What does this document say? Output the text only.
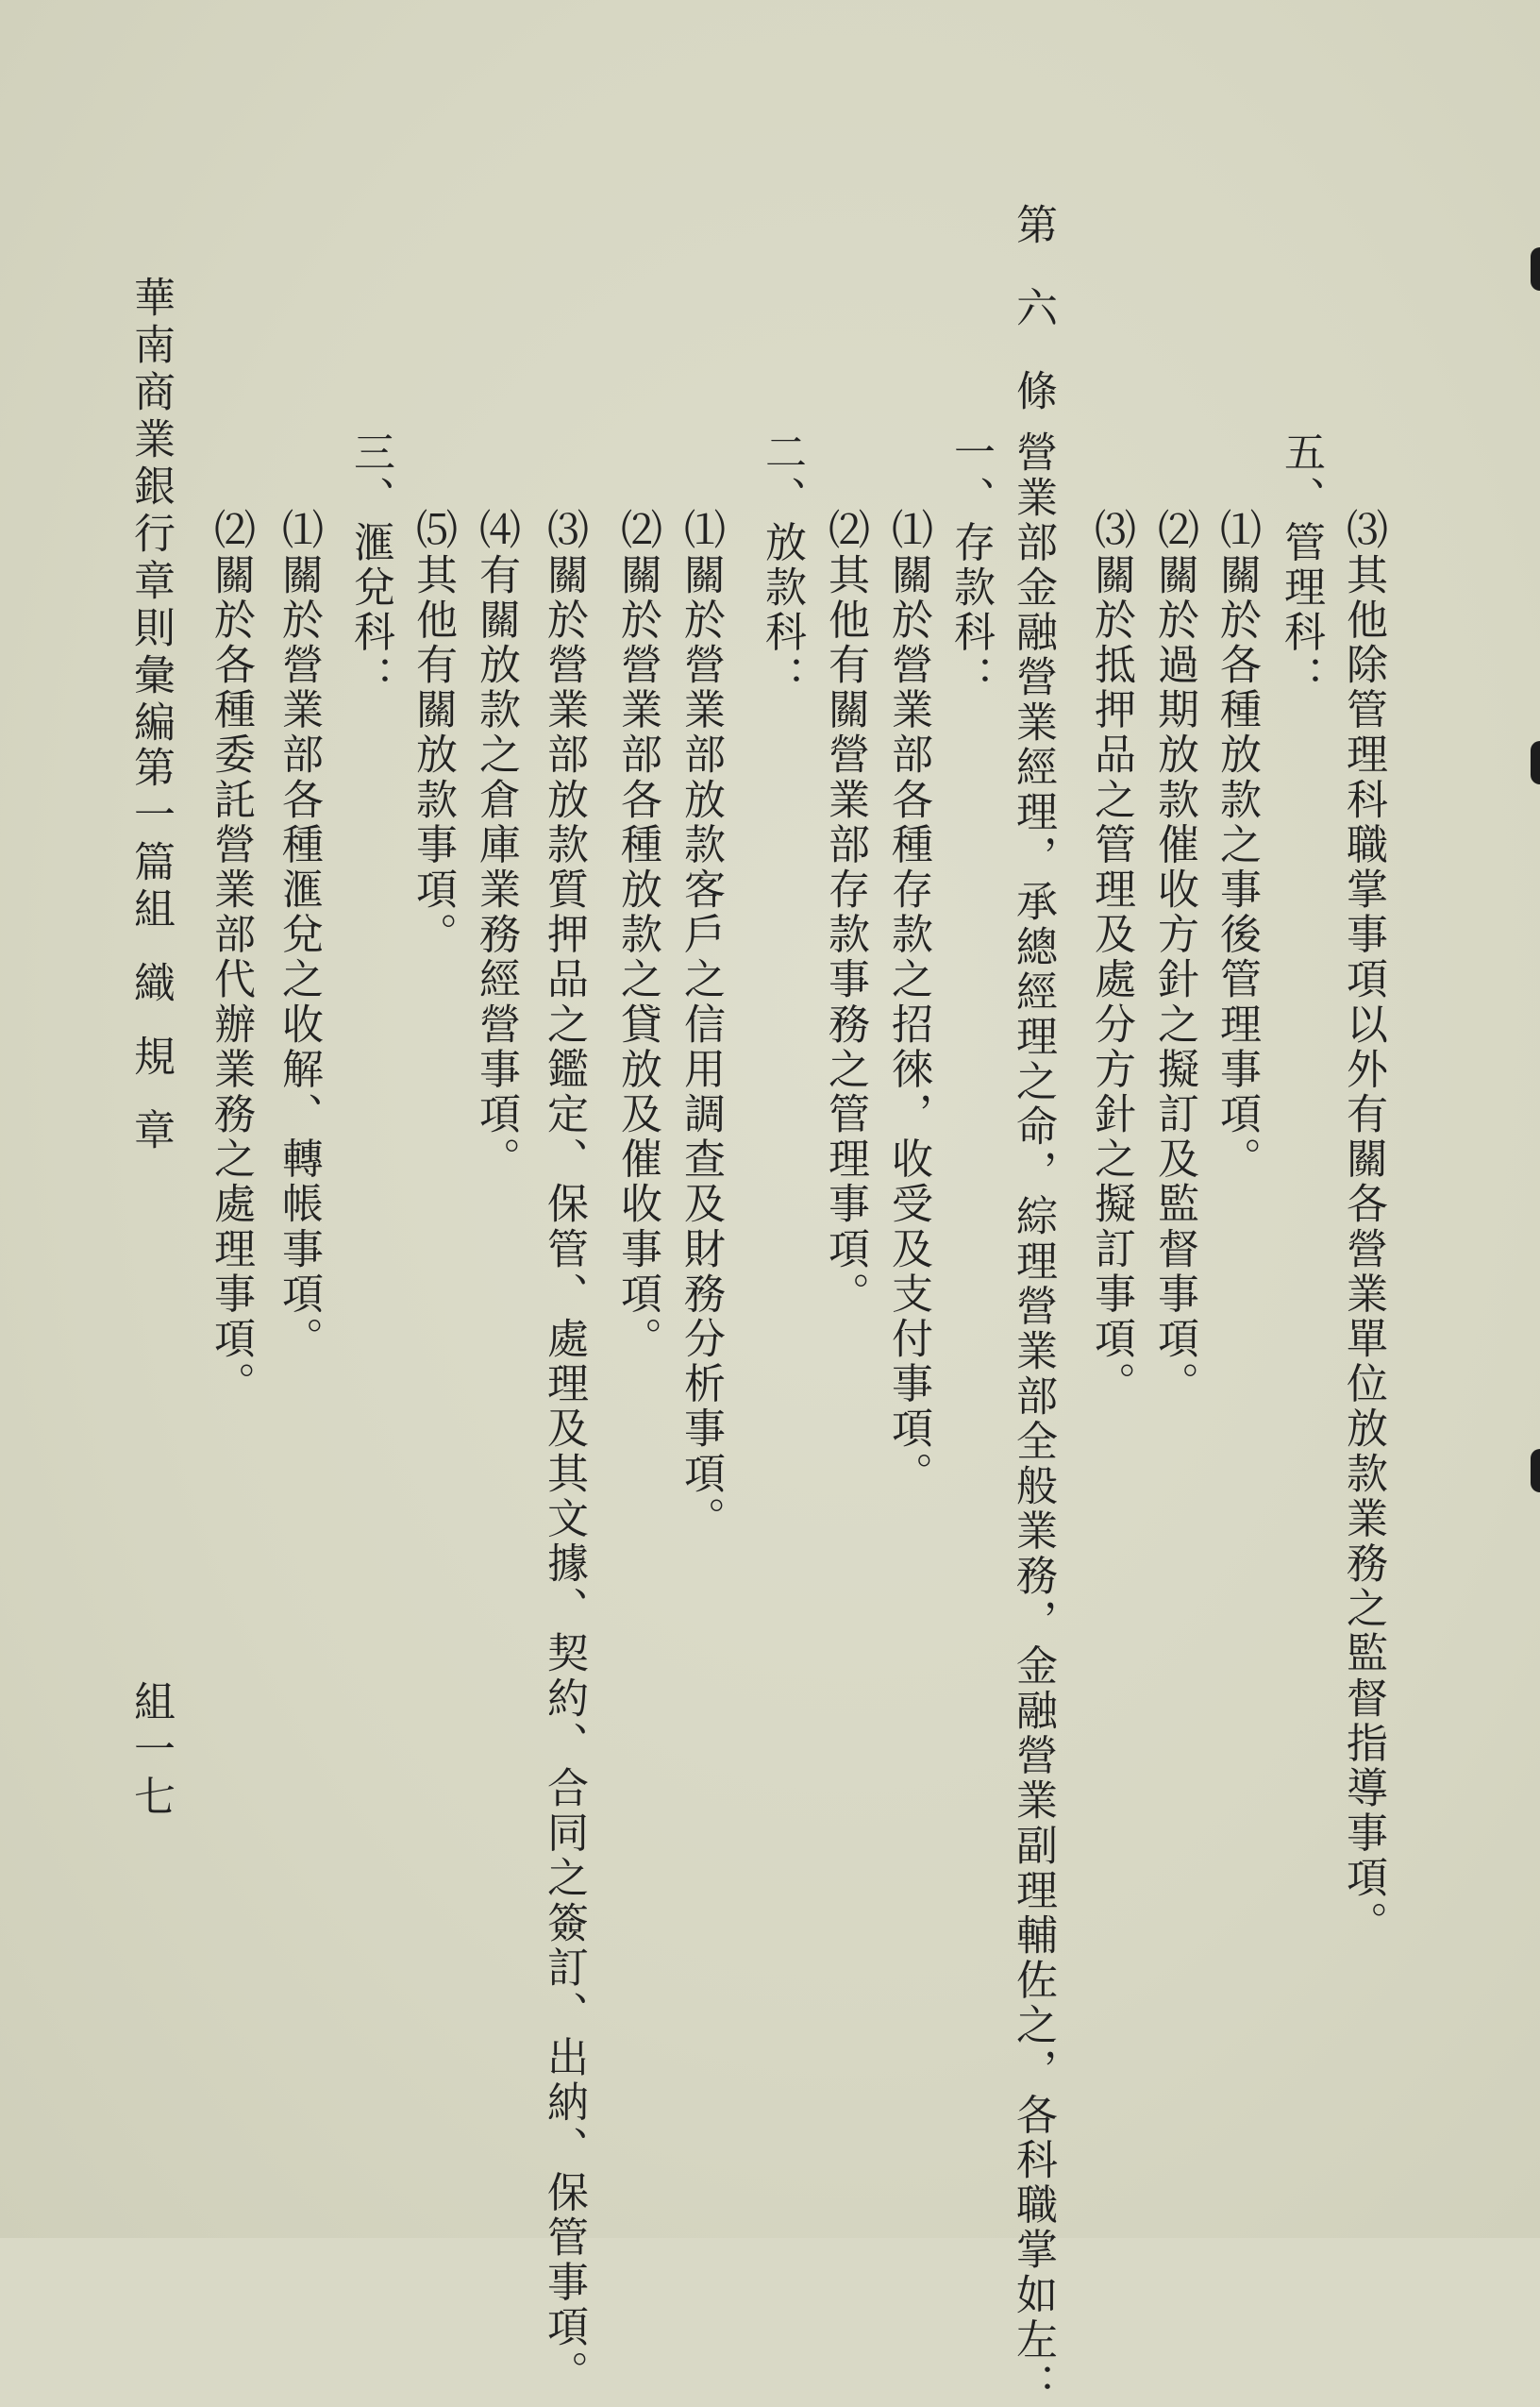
⑶其他除管理科職掌事項以外有關各營業單位放款業務之監督指導事項。
五、管理科：
⑴關於各種放款之事後管理事項。
⑵關於過期放款催收方針之擬訂及監督事項。
⑶關於抵押品之管理及處分方針之擬訂事項。
第六條
營業部金融營業經理，承總經理之命，綜理營業部全般業務，金融營業副理輔佐之，各科職掌如左：
一、存款科：
⑴關於營業部各種存款之招徠，收受及支付事項。
⑵其他有關營業部存款事務之管理事項。
二、放款科：
⑴關於營業部放款客戶之信用調查及財務分析事項。
⑵關於營業部各種放款之貸放及催收事項。
⑶關於營業部放款質押品之鑑定、保管、處理及其文據、契約、合同之簽訂、出納、保管事項。
⑷有關放款之倉庫業務經營事項。
⑸其他有關放款事項。
三、滙兌科：
⑴關於營業部各種滙兌之收解、轉帳事項。
⑵關於各種委託營業部代辦業務之處理事項。
華南商業銀行章則彙編
第一篇
組織規章
組一七
